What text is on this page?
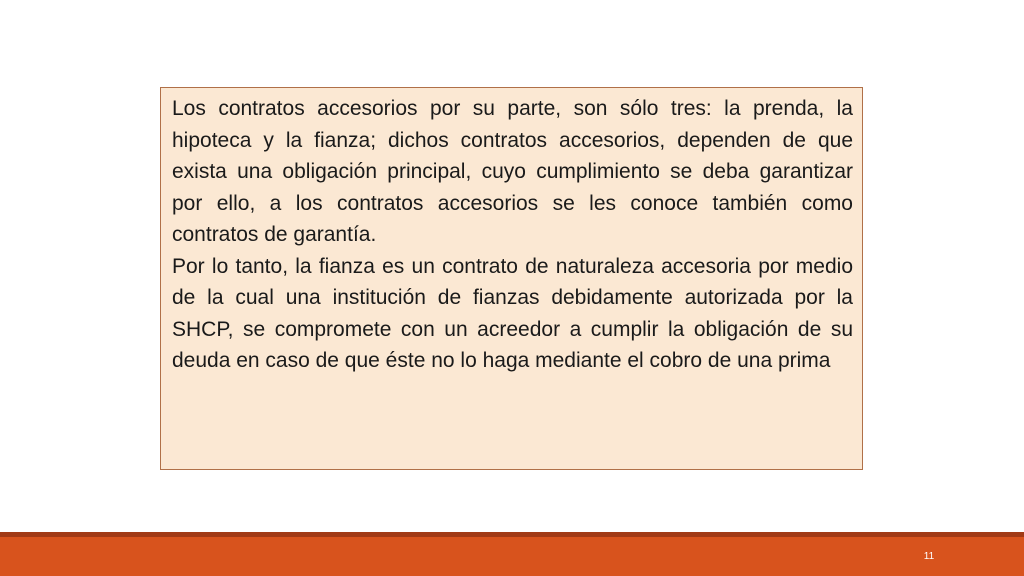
Los contratos accesorios por su parte, son sólo tres: la prenda, la hipoteca y la fianza; dichos contratos accesorios, dependen de que exista una obligación principal, cuyo cumplimiento se deba garantizar por ello, a los contratos accesorios se les conoce también como contratos de garantía.

Por lo tanto, la fianza es un contrato de naturaleza accesoria por medio de la cual una institución de fianzas debidamente autorizada por la SHCP, se compromete con un acreedor a cumplir la obligación de su deuda en caso de que éste no lo haga mediante el cobro de una prima

11
